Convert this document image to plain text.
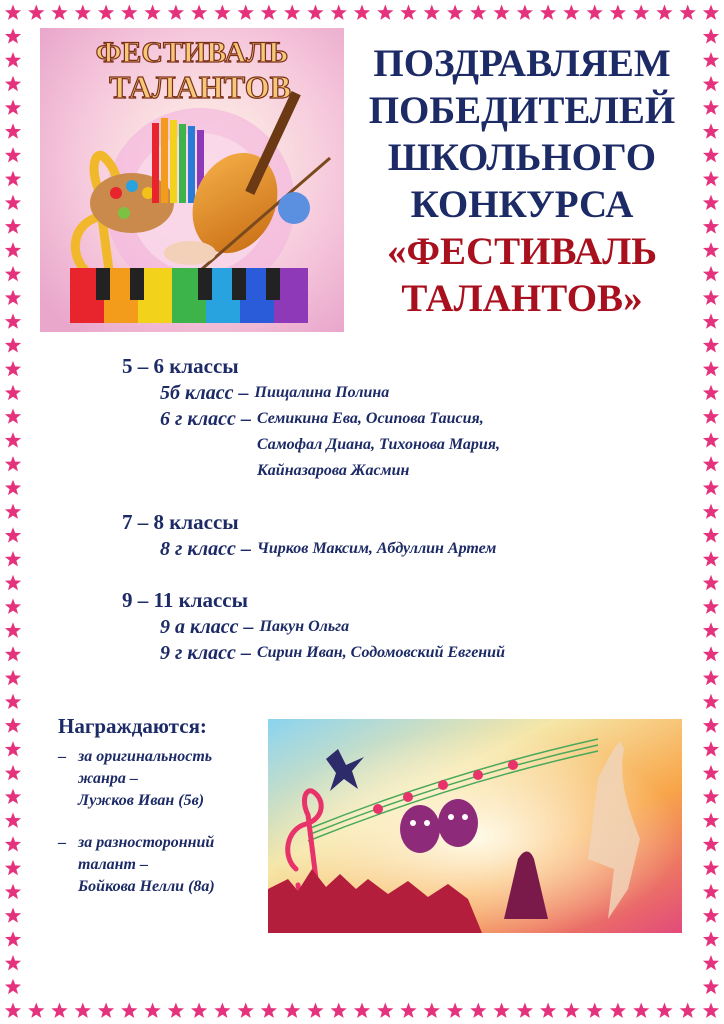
ФЕСТИВАЛЬ
ТАЛАНТОВ
ПОЗДРАВЛЯЕМ
ПОБЕДИТЕЛЕЙ
ШКОЛЬНОГО
КОНКУРСА
«ФЕСТИВАЛЬ
ТАЛАНТОВ»
5 – 6 классы
5б класс – Пищалина Полина
6 г класс – Семикина Ева, Осипова Таисия,
Самофал Диана, Тихонова Мария,
Кайназарова Жасмин
7 – 8 классы
8 г класс – Чирков Максим, Абдуллин Артем
9 – 11 классы
9 а класс – Пакун Ольга
9 г класс – Сирин Иван, Содомовский Евгений
Награждаются:
– за оригинальность
жанра –
Лужков Иван (5в)
– за разносторонний
талант –
Бойкова Нелли (8а)
